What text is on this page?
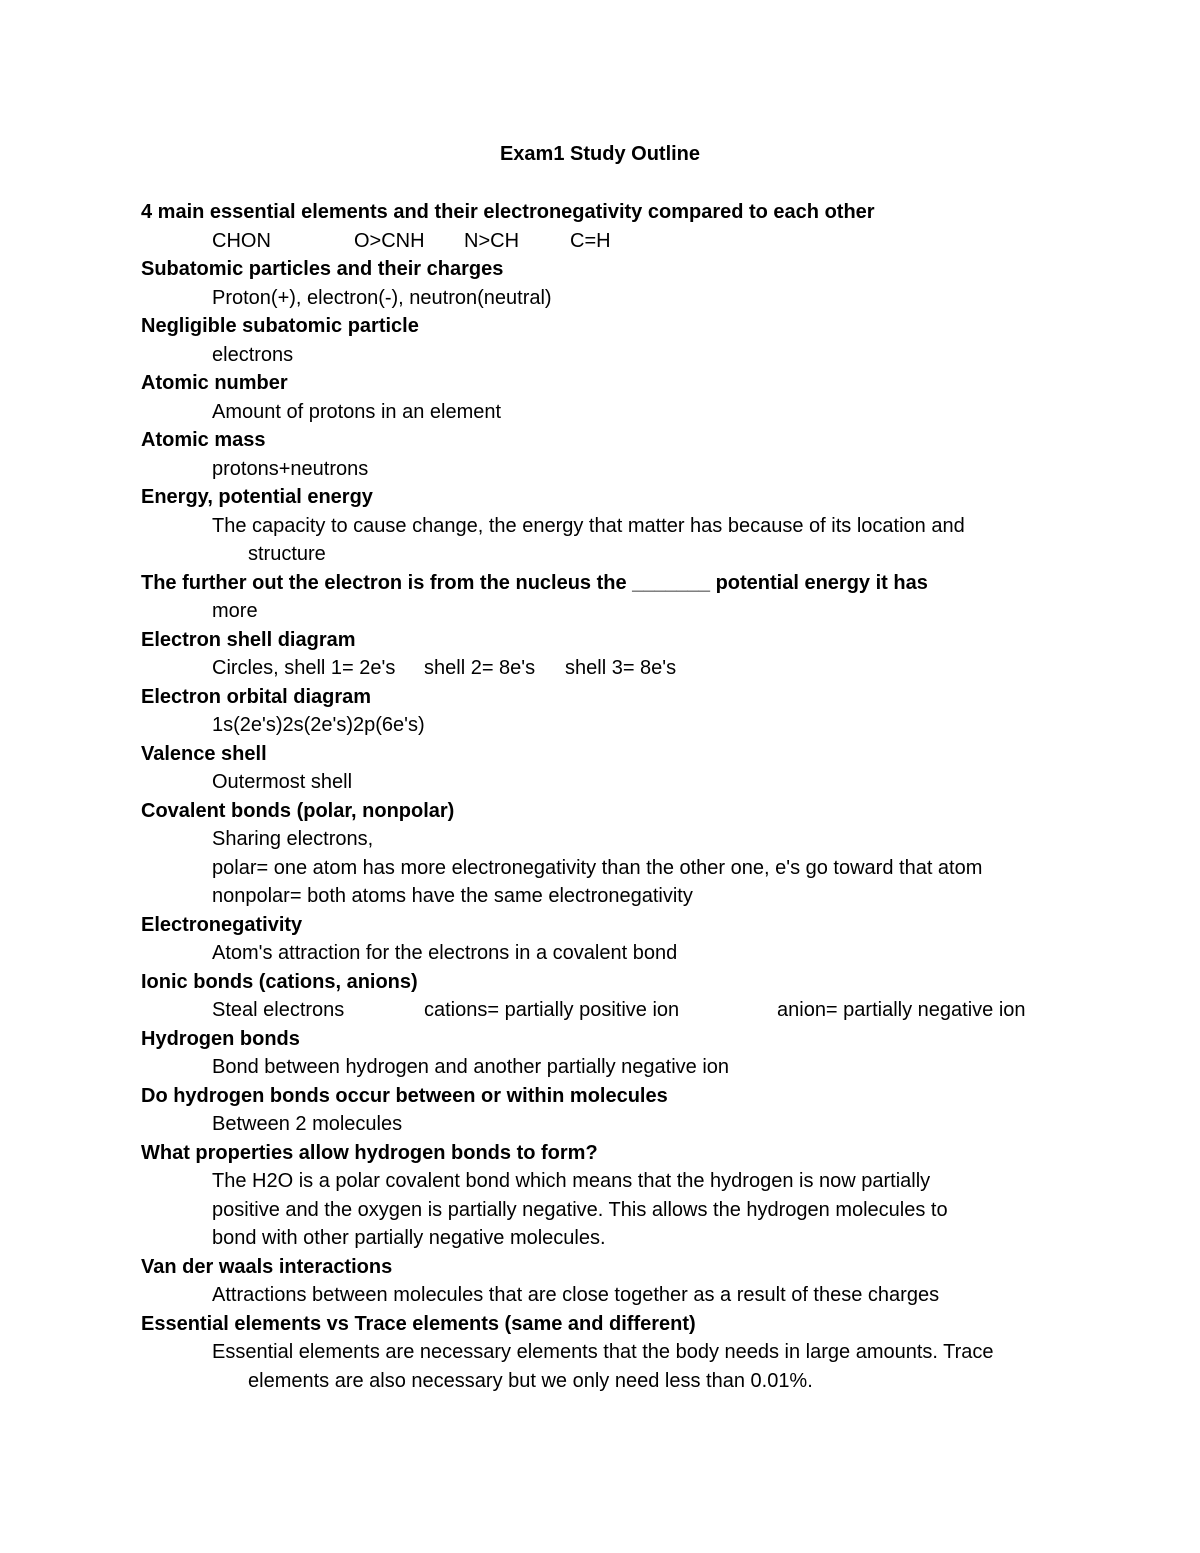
Exam1 Study Outline
4 main essential elements and their electronegativity compared to each other
CHON	O>CNH N>CH	C=H
Subatomic particles and their charges
Proton(+), electron(-), neutron(neutral)
Negligible subatomic particle
electrons
Atomic number
Amount of protons in an element
Atomic mass
protons+neutrons
Energy, potential energy
The capacity to cause change, the energy that matter has because of its location and
structure
The further out the electron is from the nucleus the _______ potential energy it has
more
Electron shell diagram
Circles, shell 1= 2e's shell 2= 8e's shell 3= 8e's
Electron orbital diagram
1s(2e's)2s(2e's)2p(6e's)
Valence shell
Outermost shell
Covalent bonds (polar, nonpolar)
Sharing electrons,
polar= one atom has more electronegativity than the other one, e's go toward that atom
nonpolar= both atoms have the same electronegativity
Electronegativity
Atom's attraction for the electrons in a covalent bond
Ionic bonds (cations, anions)
Steal electrons	cations= partially positive ion	anion= partially negative ion
Hydrogen bonds
Bond between hydrogen and another partially negative ion
Do hydrogen bonds occur between or within molecules
Between 2 molecules
What properties allow hydrogen bonds to form?
The H2O is a polar covalent bond which means that the hydrogen is now partially
positive and the oxygen is partially negative. This allows the hydrogen molecules to
bond with other partially negative molecules.
Van der waals interactions
Attractions between molecules that are close together as a result of these charges
Essential elements vs Trace elements (same and different)
Essential elements are necessary elements that the body needs in large amounts. Trace
elements are also necessary but we only need less than 0.01%.
